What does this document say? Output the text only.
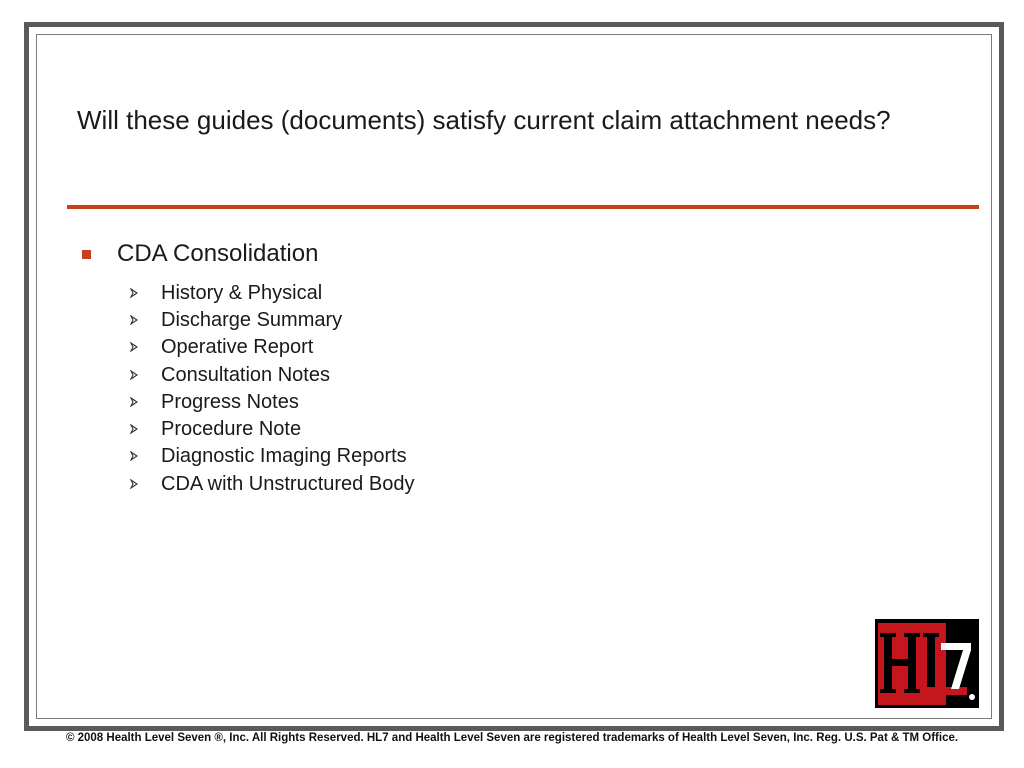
Will these guides (documents) satisfy current claim attachment needs?
CDA Consolidation
History & Physical
Discharge Summary
Operative Report
Consultation Notes
Progress Notes
Procedure Note
Diagnostic Imaging Reports
CDA with Unstructured Body
© 2008 Health Level Seven ®, Inc. All Rights Reserved. HL7 and Health Level Seven are registered trademarks of Health Level Seven, Inc. Reg. U.S. Pat & TM Office.
